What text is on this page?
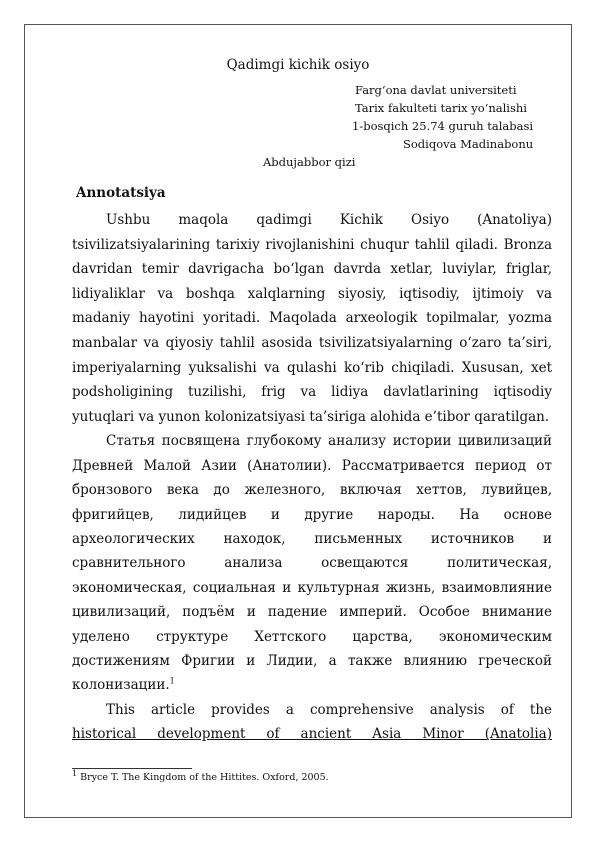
Qadimgi kichik osiyo
Farg‘ona davlat universiteti
Tarix fakulteti tarix yo‘nalishi
1-bosqich 25.74 guruh talabasi
Sodiqova Madinabonu
Abdujabbor qizi
Annotatsiya

Ushbu maqola qadimgi Kichik Osiyo (Anatoliya) tsivilizatsiyalarining tarixiy rivojlanishini chuqur tahlil qiladi. Bronza davridan temir davrigacha bo‘lgan davrda xetlar, luviylar, friglar, lidiyaliklar va boshqa xalqlarning siyosiy, iqtisodiy, ijtimoiy va madaniy hayotini yoritadi. Maqolada arxeologik topilmalar, yozma manbalar va qiyosiy tahlil asosida tsivilizatsiyalarning o‘zaro ta’siri, imperiyalarning yuksalishi va qulashi ko‘rib chiqiladi. Xususan, xet podsholigining tuzilishi, frig va lidiya davlatlarining iqtisodiy yutuqlari va yunon kolonizatsiyasi ta’siriga alohida e’tibor qaratilgan.

Статья посвящена глубокому анализу истории цивилизаций Древней Малой Азии (Анатолии). Рассматривается период от бронзового века до железного, включая хеттов, лувийцев, фригийцев, лидийцев и другие народы. На основе археологических находок, письменных источников и сравнительного анализа освещаются политическая, экономическая, социальная и культурная жизнь, взаимовлияние цивилизаций, подъём и падение империй. Особое внимание уделено структуре Хеттского царства, экономическим достижениям Фригии и Лидии, а также влиянию греческой колонизации.$^1$

This article provides a comprehensive analysis of the

historical development of ancient Asia Minor (Anatolia)

$^1$ Bryce T. The Kingdom of the Hittites. Oxford, 2005.
